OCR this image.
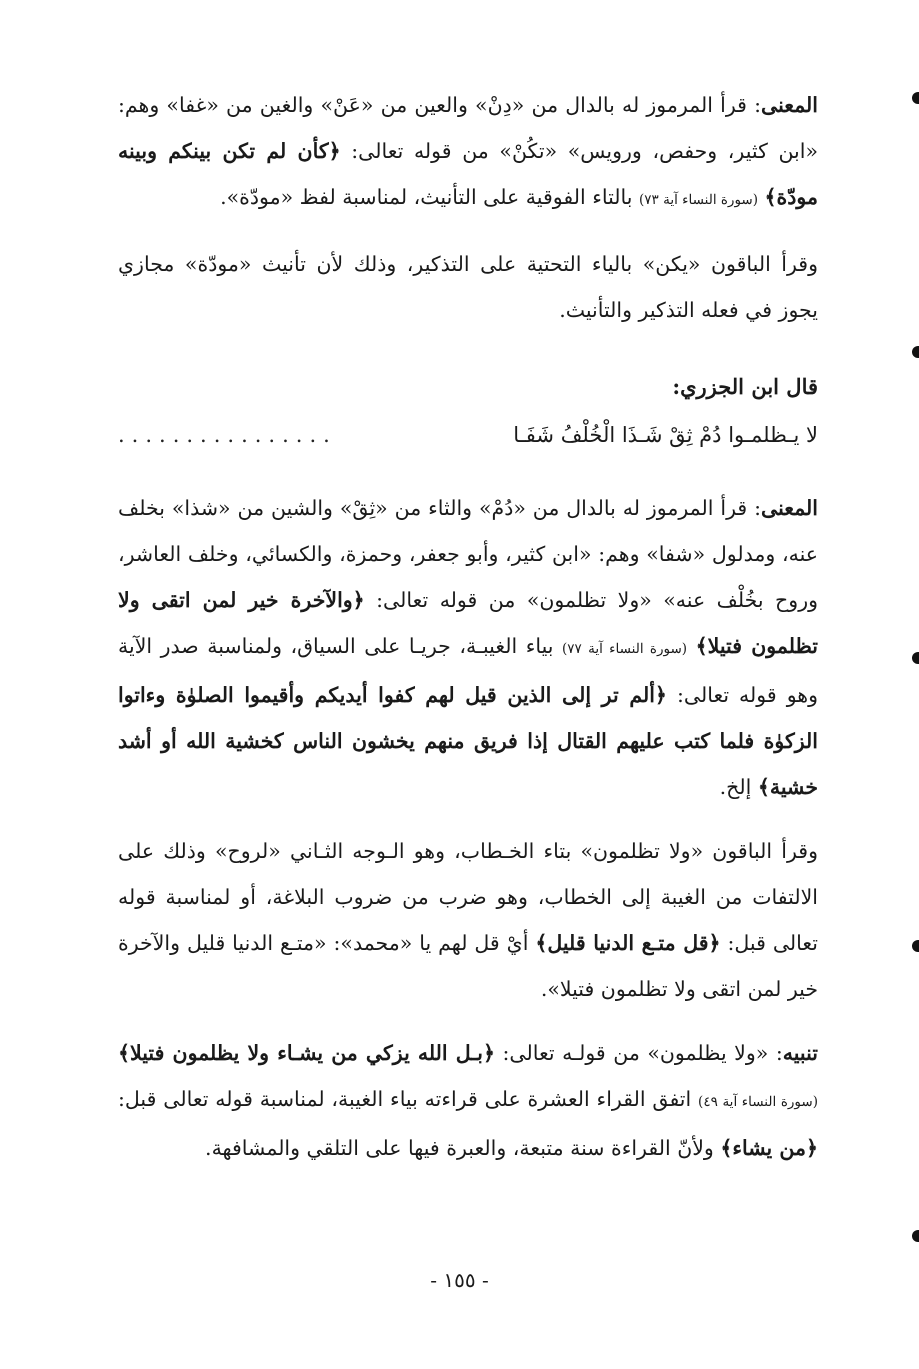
المعنى: قرأ المرموز له بالدال من «دِنْ» والعين من «عَنْ» والغين من «غفا» وهم: «ابن كثير، وحفص، ورويس» «تكُنْ» من قوله تعالى: ﴿كأن لم تكن بينكم وبينه مودّة﴾ (سورة النساء آية ٧٣) بالتاء الفوقية على التأنيث، لمناسبة لفظ «مودّة».

وقرأ الباقون «يكن» بالياء التحتية على التذكير، وذلك لأن تأنيث «مودّة» مجازي يجوز في فعله التذكير والتأنيث.

قال ابن الجزري:
لا يـظلمـوا دُمْ ثِقْ شَـذَا الْخُلْفُ شَفَـا
................

المعنى: قرأ المرموز له بالدال من «دُمْ» والثاء من «ثِقْ» والشين من «شذا» بخلف عنه، ومدلول «شفا» وهم: «ابن كثير، وأبو جعفر، وحمزة، والكسائي، وخلف العاشر، وروح بخُلْف عنه» «ولا تظلمون» من قوله تعالى: ﴿والآخرة خير لمن اتقى ولا تظلمون فتيلا﴾ (سورة النساء آية ٧٧) بياء الغيبـة، جريـا على السياق، ولمناسبة صدر الآية وهو قوله تعالى: ﴿ألم تر إلى الذين قيل لهم كفوا أيديكم وأقيموا الصلوٰة وءاتوا الزكوٰة فلما كتب عليهم القتال إذا فريق منهم يخشون الناس كخشية الله أو أشد خشية﴾ إلخ.

وقرأ الباقون «ولا تظلمون» بتاء الخـطاب، وهو الـوجه الثـاني «لروح» وذلك على الالتفات من الغيبة إلى الخطاب، وهو ضرب من ضروب البلاغة، أو لمناسبة قوله تعالى قبل: ﴿قل متـع الدنيا قليل﴾ أيْ قل لهم يا «محمد»: «متـع الدنيا قليل والآخرة خير لمن اتقى ولا تظلمون فتيلا».

تنبيه: «ولا يظلمون» من قولـه تعالى: ﴿بـل الله يزكي من يشـاء ولا يظلمون فتيلا﴾ (سورة النساء آية ٤٩) اتفق القراء العشرة على قراءته بياء الغيبة، لمناسبة قوله تعالى قبل: ﴿من يشاء﴾ ولأنّ القراءة سنة متبعة، والعبرة فيها على التلقي والمشافهة.

- ١٥٥ -
